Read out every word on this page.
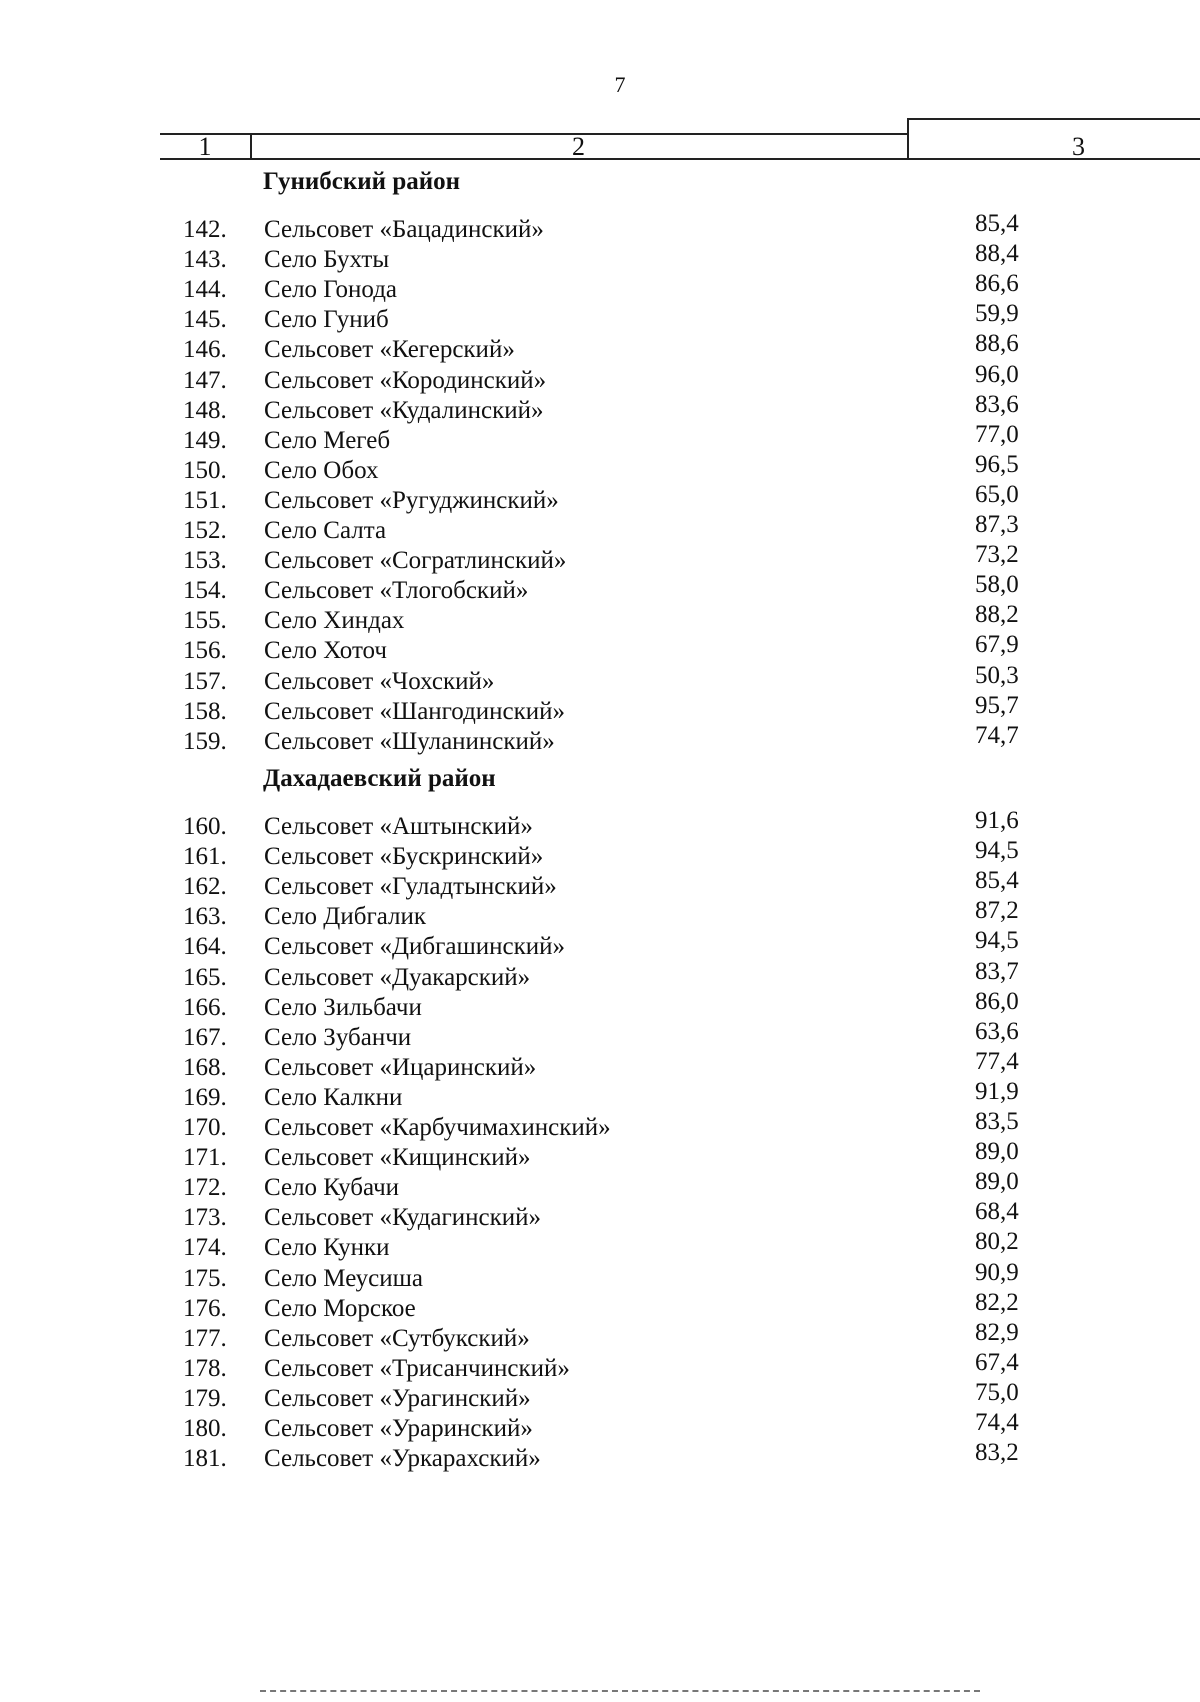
7
1	2	3
Гунибский район
142. Сельсовет «Бацадинский»	85,4
143. Село Бухты	88,4
144. Село Гонода	86,6
145. Село Гуниб	59,9
146. Сельсовет «Кегерский»	88,6
147. Сельсовет «Кородинский»	96,0
148. Сельсовет «Кудалинский»	83,6
149. Село Мегеб	77,0
150. Село Обох	96,5
151. Сельсовет «Ругуджинский»	65,0
152. Село Салта	87,3
153. Сельсовет «Согратлинский»	73,2
154. Сельсовет «Тлогобский»	58,0
155. Село Хиндах	88,2
156. Село Хоточ	67,9
157. Сельсовет «Чохский»	50,3
158. Сельсовет «Шангодинский»	95,7
159. Сельсовет «Шуланинский»	74,7
Дахадаевский район
160. Сельсовет «Аштынский»	91,6
161. Сельсовет «Бускринский»	94,5
162. Сельсовет «Гуладтынский»	85,4
163. Село Дибгалик	87,2
164. Сельсовет «Дибгашинский»	94,5
165. Сельсовет «Дуакарский»	83,7
166. Село Зильбачи	86,0
167. Село Зубанчи	63,6
168. Сельсовет «Ицаринский»	77,4
169. Село Калкни	91,9
170. Сельсовет «Карбучимахинский»	83,5
171. Сельсовет «Кищинский»	89,0
172. Село Кубачи	89,0
173. Сельсовет «Кудагинский»	68,4
174. Село Кунки	80,2
175. Село Меусиша	90,9
176. Село Морское	82,2
177. Сельсовет «Сутбукский»	82,9
178. Сельсовет «Трисанчинский»	67,4
179. Сельсовет «Урагинский»	75,0
180. Сельсовет «Ураринский»	74,4
181. Сельсовет «Уркарахский»	83,2
